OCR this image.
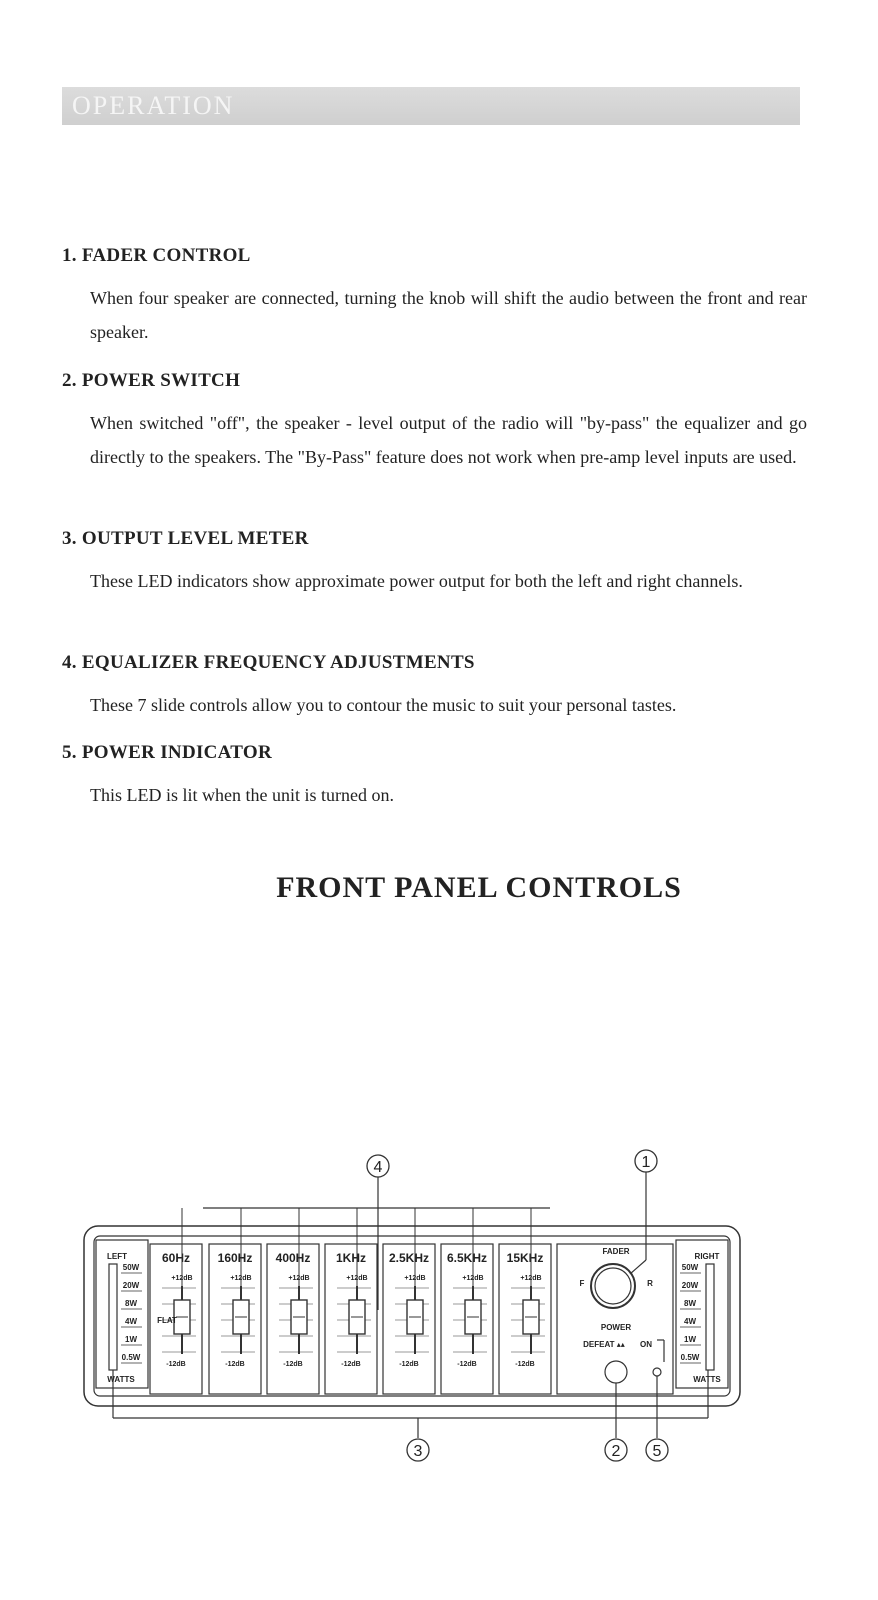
OPERATION
1. FADER CONTROL

When four speaker are connected, turning the knob will shift the audio between the front and rear speaker.

2. POWER SWITCH

When switched "off", the speaker - level output of the radio will "by-pass" the equalizer and go directly to the speakers. The "By-Pass" feature does not work when pre-amp level inputs are used.

3. OUTPUT LEVEL METER

These LED indicators show approximate power output for both the left and right channels.

4. EQUALIZER FREQUENCY ADJUSTMENTS

These 7 slide controls allow you to contour the music to suit your personal tastes.

5. POWER INDICATOR

This LED is lit when the unit is turned on.

FRONT PANEL CONTROLS
LEFT
50W
20W
8W
4W
1W
0.5W
WATTS
RIGHT
50W
20W
8W
4W
1W
0.5W
WATTS
60Hz
+12dB
-12dB
160Hz
+12dB
-12dB
400Hz
+12dB
-12dB
1KHz
+12dB
-12dB
2.5KHz
+12dB
-12dB
6.5KHz
+12dB
-12dB
15KHz
+12dB
-12dB
FLAT
FADER
F	R
POWER
DEFEAT ▴▴ ON
4	1
3	2 5
